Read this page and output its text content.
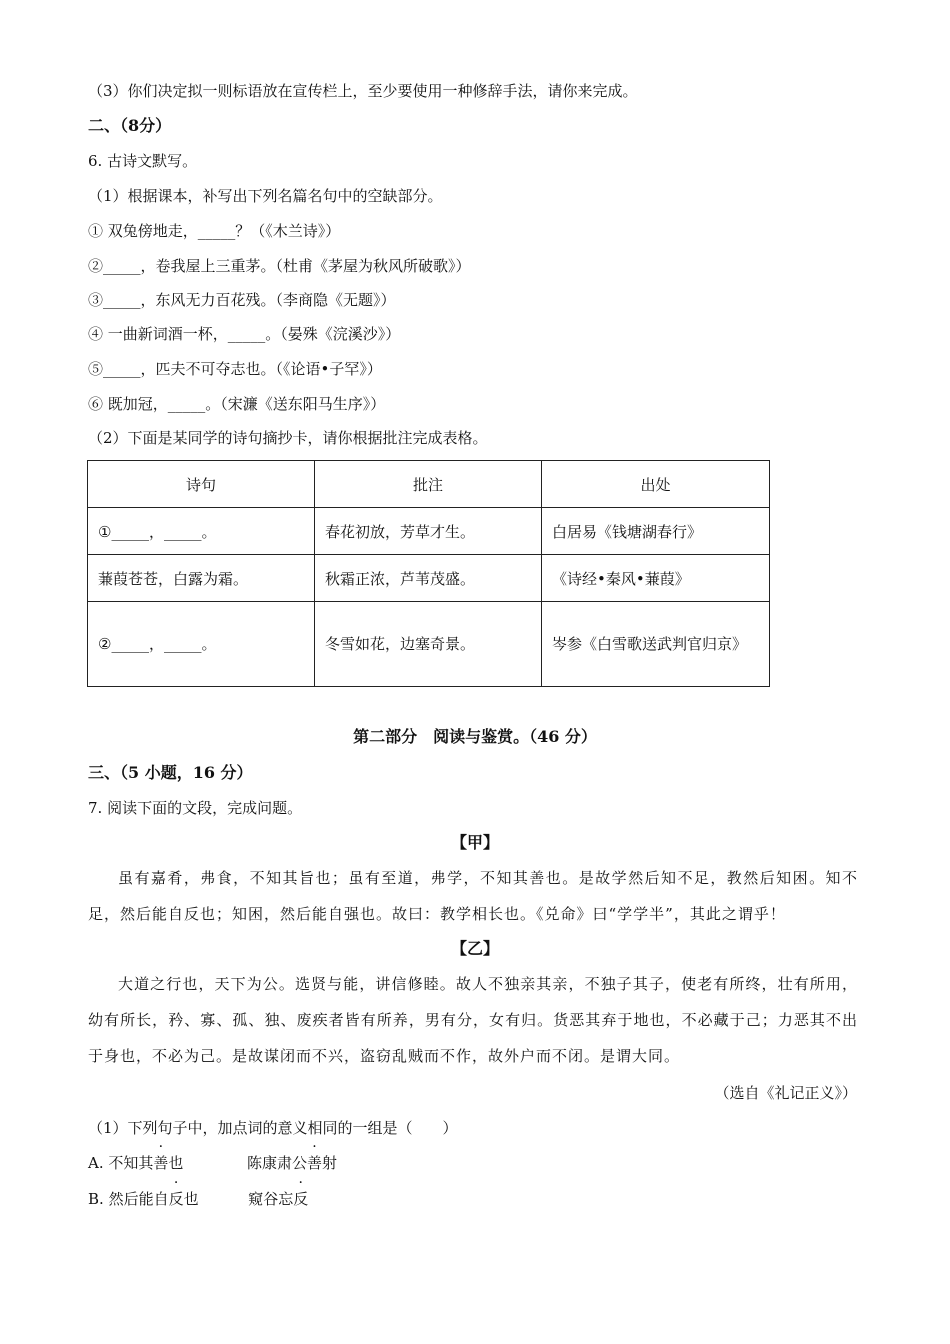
（3）你们决定拟一则标语放在宣传栏上，至少要使用一种修辞手法，请你来完成。
二、（8分）
6. 古诗文默写。
（1）根据课本，补写出下列名篇名句中的空缺部分。
① 双兔傍地走，_____？（《木兰诗》）
②_____，卷我屋上三重茅。（杜甫《茅屋为秋风所破歌》）
③_____，东风无力百花残。（李商隐《无题》）
④ 一曲新词酒一杯，_____。（晏殊《浣溪沙》）
⑤_____，匹夫不可夺志也。（《论语•子罕》）
⑥ 既加冠，_____。（宋濂《送东阳马生序》）
（2）下面是某同学的诗句摘抄卡，请你根据批注完成表格。
诗句	批注	出处
①_____，_____。	春花初放，芳草才生。	白居易《钱塘湖春行》
蒹葭苍苍，白露为霜。	秋霜正浓，芦苇茂盛。	《诗经•秦风•蒹葭》
②_____，_____。	冬雪如花，边塞奇景。	岑参《白雪歌送武判官归京》
第二部分　阅读与鉴赏。（46 分）
三、（5 小题，16 分）
7. 阅读下面的文段，完成问题。
【甲】

虽有嘉肴，弗食，不知其旨也；虽有至道，弗学，不知其善也。是故学然后知不足，教然后知困。知不足，然后能自反也；知困，然后能自强也。故曰：教学相长也。《兑命》曰“学学半”，其此之谓乎！

【乙】

大道之行也，天下为公。选贤与能，讲信修睦。故人不独亲其亲，不独子其子，使老有所终，壮有所用，幼有所长，矜、寡、孤、独、废疾者皆有所养，男有分，女有归。货恶其弃于地也，不必藏于己；力恶其不出于身也，不必为己。是故谋闭而不兴，盗窃乱贼而不作，故外户而不闭。是谓大同。

（选自《礼记正义》）
（1）下列句子中，加点词的意义相同的一组是（　　）
A. 不知其善也	陈康肃公善射
B. 然后能自反也	窥谷忘反
